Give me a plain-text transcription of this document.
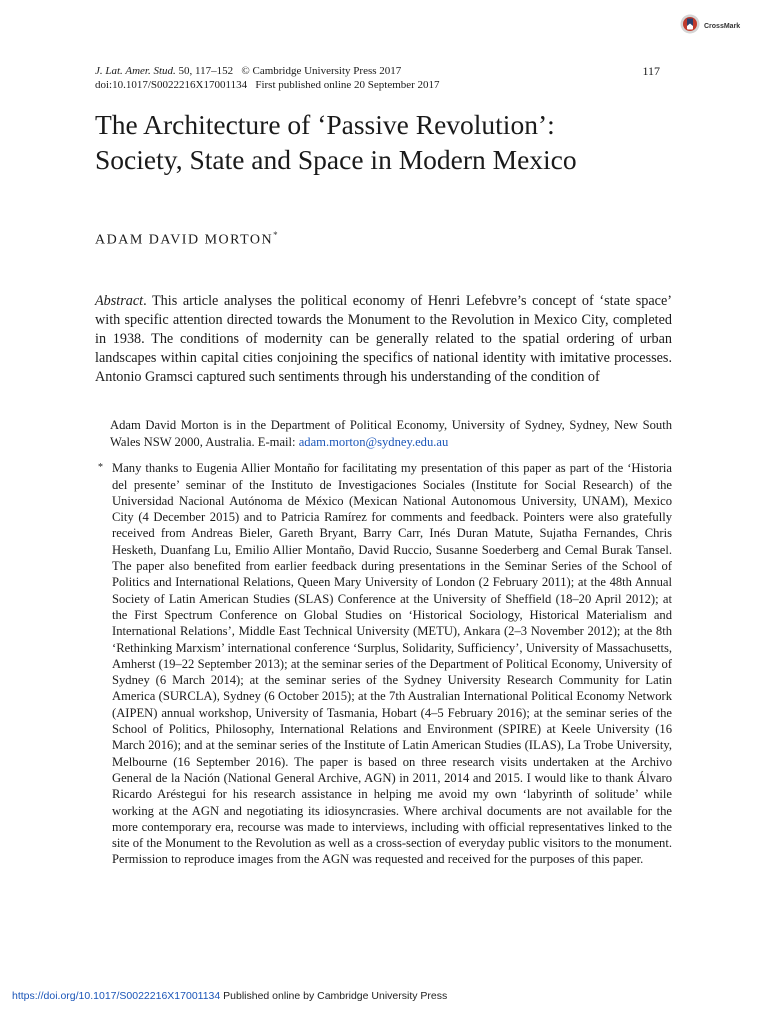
CrossMark
J. Lat. Amer. Stud. 50, 117–152 © Cambridge University Press 2017	117
doi:10.1017/S0022216X17001134
First published online 20 September 2017
The Architecture of ‘Passive Revolution’:
Society, State and Space in Modern Mexico
ADAM DAVID MORTON*
Abstract. This article analyses the political economy of Henri Lefebvre’s concept of ‘state space’ with specific attention directed towards the Monument to the Revolution in Mexico City, completed in 1938. The conditions of modernity can be generally related to the spatial ordering of urban landscapes within capital cities conjoining the specifics of national identity with imitative processes. Antonio Gramsci captured such sentiments through his understanding of the condition of
Adam David Morton is in the Department of Political Economy, University of Sydney, Sydney, New South Wales NSW 2000, Australia. E-mail: adam.morton@sydney.edu.au
* Many thanks to Eugenia Allier Montaño for facilitating my presentation of this paper as part of the ‘Historia del presente’ seminar of the Instituto de Investigaciones Sociales (Institute for Social Research) of the Universidad Nacional Autónoma de México (Mexican National Autonomous University, UNAM), Mexico City (4 December 2015) and to Patricia Ramírez for comments and feedback. Pointers were also gratefully received from Andreas Bieler, Gareth Bryant, Barry Carr, Inés Duran Matute, Sujatha Fernandes, Chris Hesketh, Duanfang Lu, Emilio Allier Montaño, David Ruccio, Susanne Soederberg and Cemal Burak Tansel. The paper also benefited from earlier feedback during presentations in the Seminar Series of the School of Politics and International Relations, Queen Mary University of London (2 February 2011); at the 48th Annual Society of Latin American Studies (SLAS) Conference at the University of Sheffield (18–20 April 2012); at the First Spectrum Conference on Global Studies on ‘Historical Sociology, Historical Materialism and International Relations’, Middle East Technical University (METU), Ankara (2–3 November 2012); at the 8th ‘Rethinking Marxism’ international conference ‘Surplus, Solidarity, Sufficiency’, University of Massachusetts, Amherst (19–22 September 2013); at the seminar series of the Department of Political Economy, University of Sydney (6 March 2014); at the seminar series of the Sydney University Research Community for Latin America (SURCLA), Sydney (6 October 2015); at the 7th Australian International Political Economy Network (AIPEN) annual workshop, University of Tasmania, Hobart (4–5 February 2016); at the seminar series of the School of Politics, Philosophy, International Relations and Environment (SPIRE) at Keele University (16 March 2016); and at the seminar series of the Institute of Latin American Studies (ILAS), La Trobe University, Melbourne (16 September 2016). The paper is based on three research visits undertaken at the Archivo General de la Nación (National General Archive, AGN) in 2011, 2014 and 2015. I would like to thank Álvaro Ricardo Aréstegui for his research assistance in helping me avoid my own ‘labyrinth of solitude’ while working at the AGN and negotiating its idiosyncrasies. Where archival documents are not available for the more contemporary era, recourse was made to interviews, including with official representatives linked to the site of the Monument to the Revolution as well as a cross-section of everyday public visitors to the monument. Permission to reproduce images from the AGN was requested and received for the purposes of this paper.
https://doi.org/10.1017/S0022216X17001134 Published online by Cambridge University Press
